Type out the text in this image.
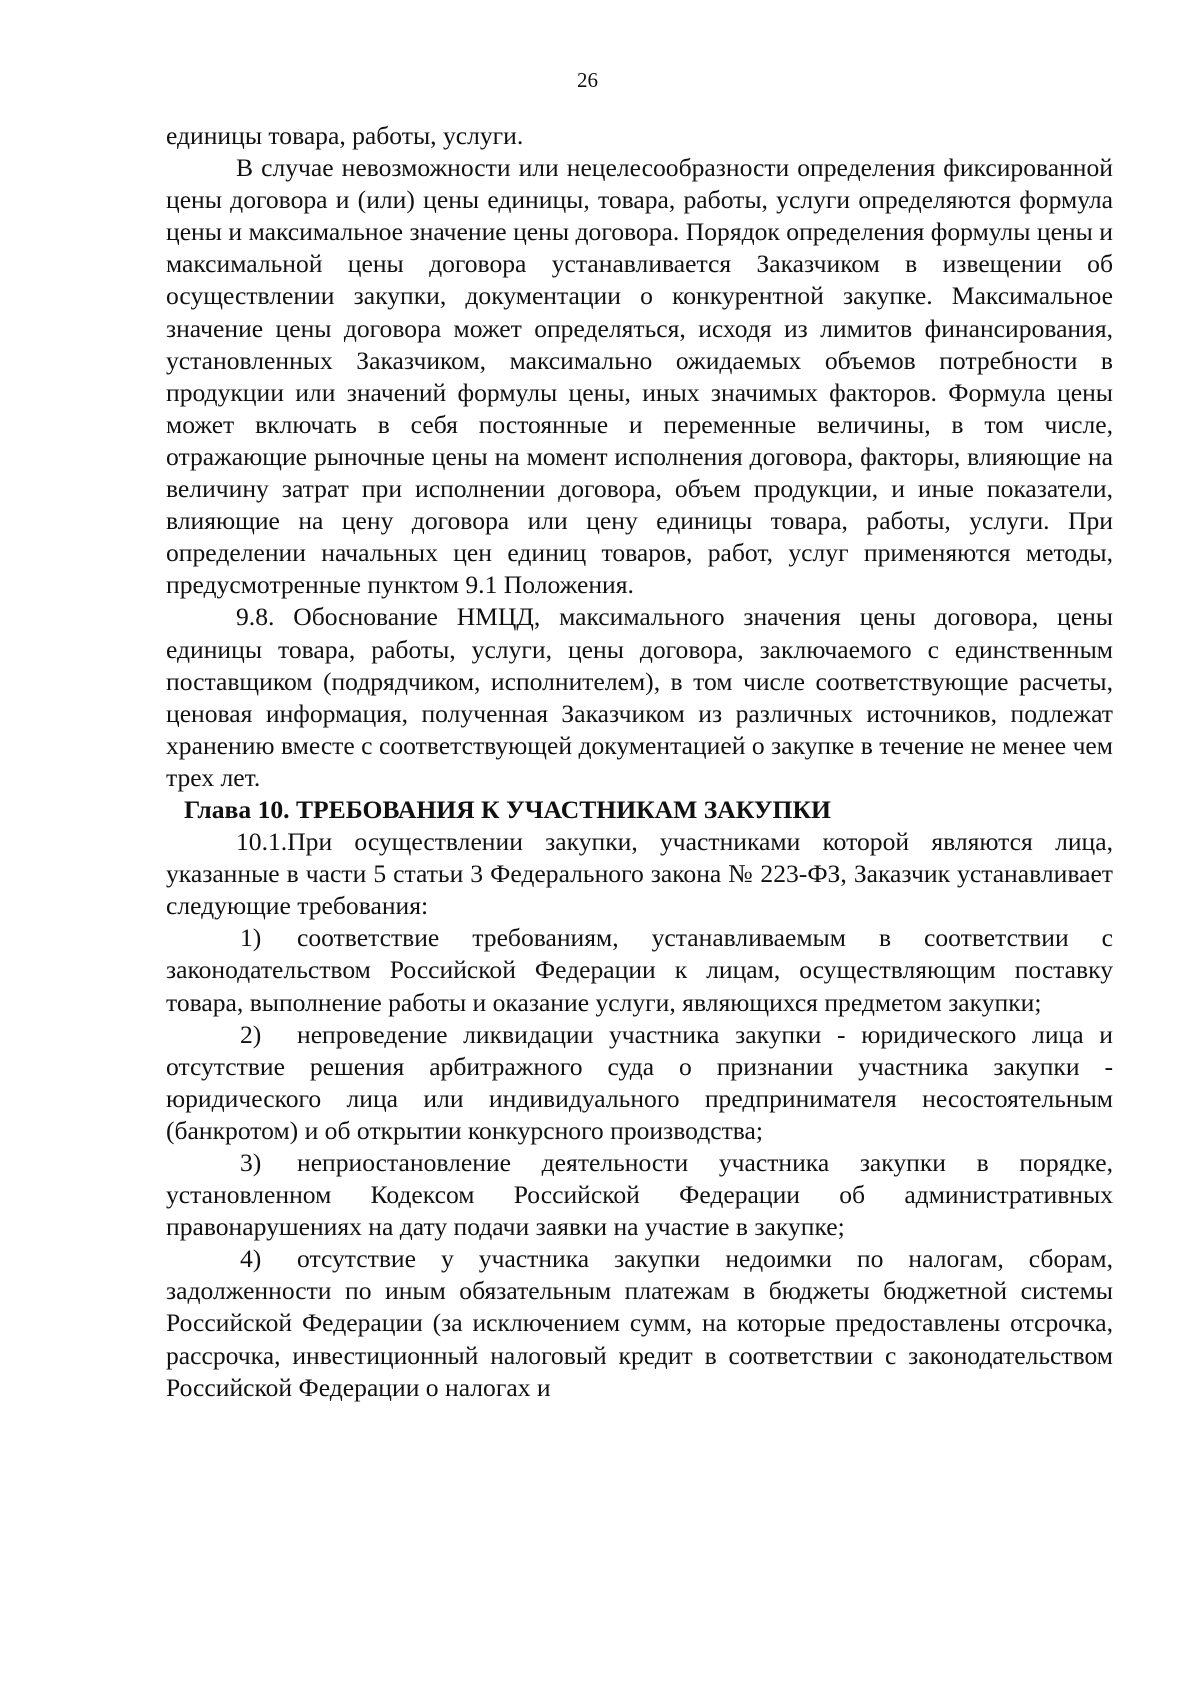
26

единицы товара, работы, услуги.

В случае невозможности или нецелесообразности определения фиксированной цены договора и (или) цены единицы, товара, работы, услуги определяются формула цены и максимальное значение цены договора. Порядок определения формулы цены и максимальной цены договора устанавливается Заказчиком в извещении об осуществлении закупки, документации о конкурентной закупке. Максимальное значение цены договора может определяться, исходя из лимитов финансирования, установленных Заказчиком, максимально ожидаемых объемов потребности в продукции или значений формулы цены, иных значимых факторов. Формула цены может включать в себя постоянные и переменные величины, в том числе, отражающие рыночные цены на момент исполнения договора, факторы, влияющие на величину затрат при исполнении договора, объем продукции, и иные показатели, влияющие на цену договора или цену единицы товара, работы, услуги. При определении начальных цен единиц товаров, работ, услуг применяются методы, предусмотренные пунктом 9.1 Положения.

9.8. Обоснование НМЦД, максимального значения цены договора, цены единицы товара, работы, услуги, цены договора, заключаемого с единственным поставщиком (подрядчиком, исполнителем), в том числе соответствующие расчеты, ценовая информация, полученная Заказчиком из различных источников, подлежат хранению вместе с соответствующей документацией о закупке в течение не менее чем трех лет.

Глава 10. ТРЕБОВАНИЯ К УЧАСТНИКАМ ЗАКУПКИ

10.1.При осуществлении закупки, участниками которой являются лица, указанные в части 5 статьи 3 Федерального закона № 223-ФЗ, Заказчик устанавливает следующие требования:

1) соответствие требованиям, устанавливаемым в соответствии с законодательством Российской Федерации к лицам, осуществляющим поставку товара, выполнение работы и оказание услуги, являющихся предметом закупки;

2) непроведение ликвидации участника закупки - юридического лица и отсутствие решения арбитражного суда о признании участника закупки - юридического лица или индивидуального предпринимателя несостоятельным (банкротом) и об открытии конкурсного производства;

3) неприостановление деятельности участника закупки в порядке, установленном Кодексом Российской Федерации об административных правонарушениях на дату подачи заявки на участие в закупке;

4) отсутствие у участника закупки недоимки по налогам, сборам, задолженности по иным обязательным платежам в бюджеты бюджетной системы Российской Федерации (за исключением сумм, на которые предоставлены отсрочка, рассрочка, инвестиционный налоговый кредит в соответствии с законодательством Российской Федерации о налогах и
